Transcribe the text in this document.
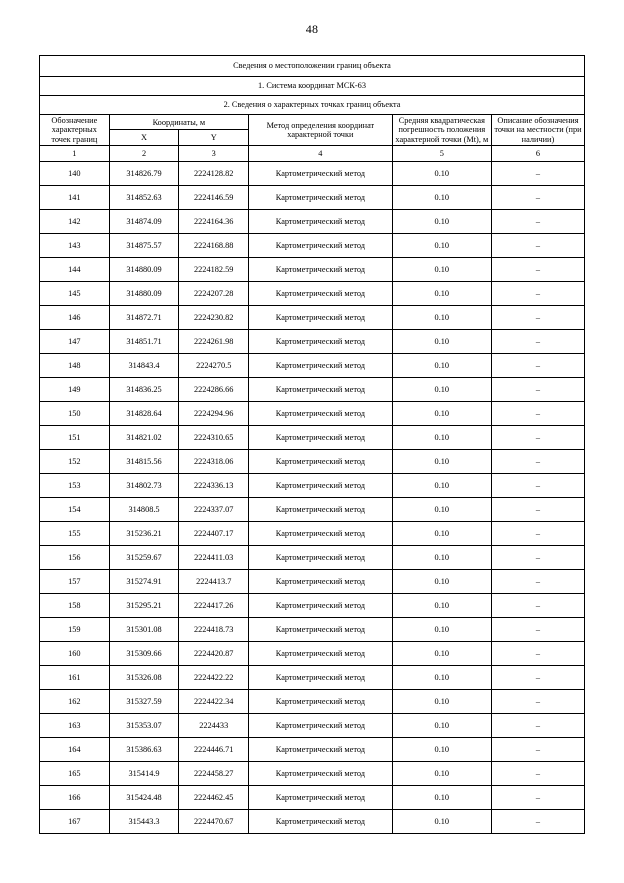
48
Сведения о местоположении границ объекта					
1. Система координат МСК-63					
2. Сведения о характерных точках границ объекта					
Обозначение характерных точек границ	Координаты, м		Метод определения координат характерной точки	Средняя квадратическая погрешность положения характерной точки (Мt), м	Описание обозначения точки на местности (при наличии)
	X	Y			
1	2	3	4	5	6
140	314826.79	2224128.82	Картометрический метод	0.10	–
141	314852.63	2224146.59	Картометрический метод	0.10	–
142	314874.09	2224164.36	Картометрический метод	0.10	–
143	314875.57	2224168.88	Картометрический метод	0.10	–
144	314880.09	2224182.59	Картометрический метод	0.10	–
145	314880.09	2224207.28	Картометрический метод	0.10	–
146	314872.71	2224230.82	Картометрический метод	0.10	–
147	314851.71	2224261.98	Картометрический метод	0.10	–
148	314843.4	2224270.5	Картометрический метод	0.10	–
149	314836.25	2224286.66	Картометрический метод	0.10	–
150	314828.64	2224294.96	Картометрический метод	0.10	–
151	314821.02	2224310.65	Картометрический метод	0.10	–
152	314815.56	2224318.06	Картометрический метод	0.10	–
153	314802.73	2224336.13	Картометрический метод	0.10	–
154	314808.5	2224337.07	Картометрический метод	0.10	–
155	315236.21	2224407.17	Картометрический метод	0.10	–
156	315259.67	2224411.03	Картометрический метод	0.10	–
157	315274.91	2224413.7	Картометрический метод	0.10	–
158	315295.21	2224417.26	Картометрический метод	0.10	–
159	315301.08	2224418.73	Картометрический метод	0.10	–
160	315309.66	2224420.87	Картометрический метод	0.10	–
161	315326.08	2224422.22	Картометрический метод	0.10	–
162	315327.59	2224422.34	Картометрический метод	0.10	–
163	315353.07	2224433	Картометрический метод	0.10	–
164	315386.63	2224446.71	Картометрический метод	0.10	–
165	315414.9	2224458.27	Картометрический метод	0.10	–
166	315424.48	2224462.45	Картометрический метод	0.10	–
167	315443.3	2224470.67	Картометрический метод	0.10	–
